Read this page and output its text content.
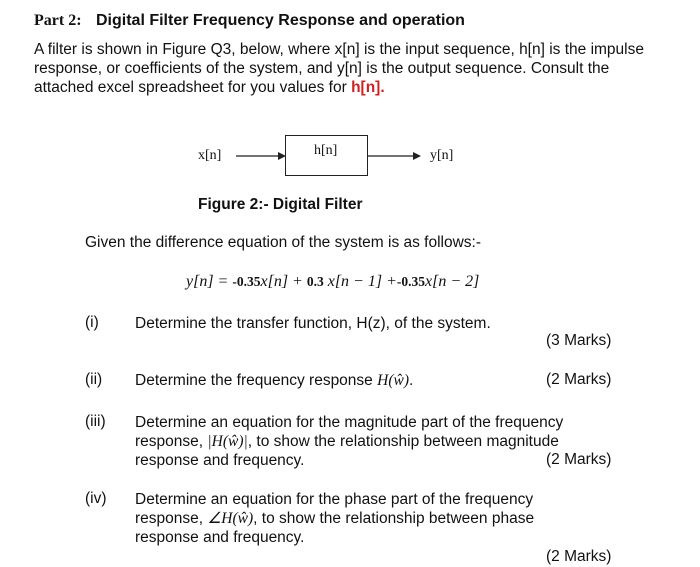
Part 2: Digital Filter Frequency Response and operation
A filter is shown in Figure Q3, below, where x[n] is the input sequence, h[n] is the impulse response, or coefficients of the system, and y[n] is the output sequence. Consult the attached excel spreadsheet for you values for h[n].
x[n]	h[n]	y[n]
Figure 2:- Digital Filter
Given the difference equation of the system is as follows:-
y[n] = -0.35x[n] + 0.3 x[n − 1] +-0.35x[n − 2]
(i) Determine the transfer function, H(z), of the system.
(3 Marks)
(ii) Determine the frequency response H(ŵ).	(2 Marks)
(iii) Determine an equation for the magnitude part of the frequency
response, |H(ŵ)|, to show the relationship between magnitude
response and frequency.	(2 Marks)
(iv) Determine an equation for the phase part of the frequency
response, ∠H(ŵ), to show the relationship between phase
response and frequency.
(2 Marks)
